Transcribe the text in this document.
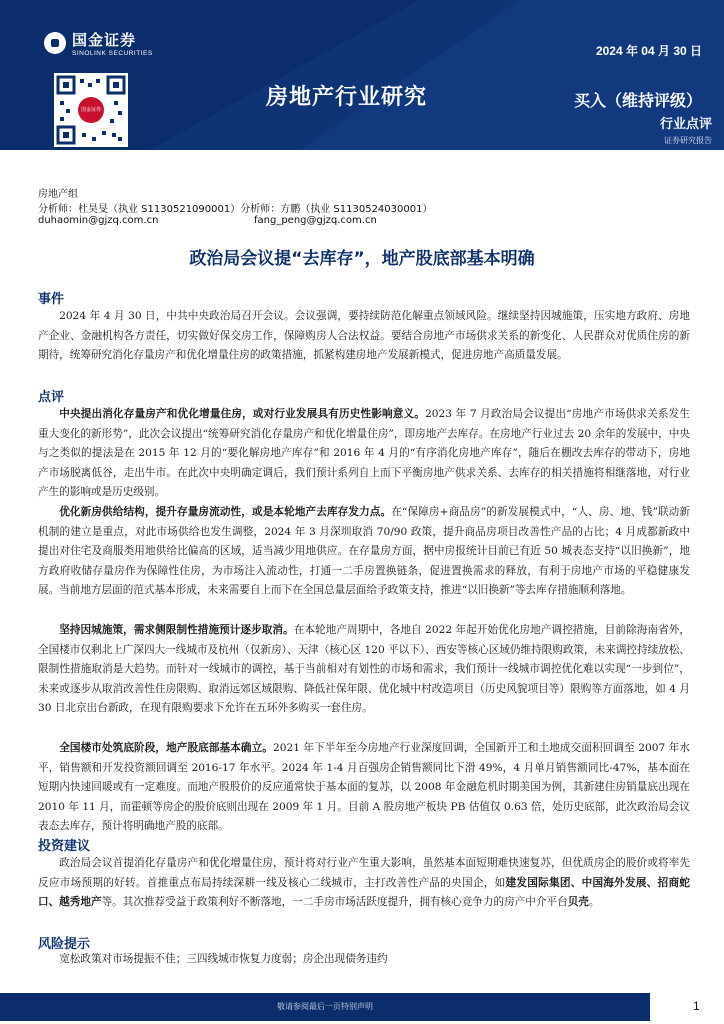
国金证券
SINOLINK SECURITIES	2024 年 04 月 30 日
国金证券	房地产行业研究	买入（维持评级）
行业点评
证券研究报告
房地产组
分析师：杜昊旻（执业 S1130521090001）分析师：方鹏（执业 S1130524030001）
duhaomin@gjzq.com.cn	fang_peng@gjzq.com.cn
政治局会议提“去库存”，地产股底部基本明确
事件
2024 年 4 月 30 日，中共中央政治局召开会议。会议强调，要持续防范化解重点领域风险。继续坚持因城施策，压实地方政府、房地产企业、金融机构各方责任，切实做好保交房工作，保障购房人合法权益。要结合房地产市场供求关系的新变化、人民群众对优质住房的新期待，统筹研究消化存量房产和优化增量住房的政策措施，抓紧构建房地产发展新模式，促进房地产高质量发展。
点评
中央提出消化存量房产和优化增量住房，或对行业发展具有历史性影响意义。2023 年 7 月政治局会议提出“房地产市场供求关系发生重大变化的新形势”，此次会议提出“统筹研究消化存量房产和优化增量住房”，即房地产去库存。在房地产行业过去 20 余年的发展中，中央与之类似的提法是在 2015 年 12 月的“要化解房地产库存”和 2016 年 4 月的“有序消化房地产库存”，随后在棚改去库存的带动下，房地产市场脱离低谷，走出牛市。在此次中央明确定调后，我们预计系列自上而下平衡房地产供求关系、去库存的相关措施将相继落地，对行业产生的影响或是历史级别。
优化新房供给结构，提升存量房流动性，或是本轮地产去库存发力点。在“保障房+商品房”的新发展模式中，“人、房、地、钱”联动新机制的建立是重点，对此市场供给也发生调整，2024 年 3 月深圳取消 70/90 政策，提升商品房项目改善性产品的占比；4 月成都新政中提出对住宅及商服类用地供给比偏高的区域，适当减少用地供应。在存量房方面，据中房报统计目前已有近 50 城表态支持“以旧换新”，地方政府收储存量房作为保障性住房，为市场注入流动性，打通一二手房置换链条，促进置换需求的释放，有利于房地产市场的平稳健康发展。当前地方层面的范式基本形成，未来需要自上而下在全国总量层面给予政策支持，推进“以旧换新”等去库存措施顺利落地。
坚持因城施策，需求侧限制性措施预计逐步取消。在本轮地产周期中，各地自 2022 年起开始优化房地产调控措施，目前除海南省外，全国楼市仅剩北上广深四大一线城市及杭州（仅新房）、天津（核心区 120 平以下）、西安等核心区域仍维持限购政策，未来调控持续放松、限制性措施取消是大趋势。而针对一线城市的调控，基于当前相对有划性的市场和需求，我们预计一线城市调控优化难以实现“一步到位”，未来或逐步从取消改善性住房限购、取消远郊区域限购、降低社保年限、优化城中村改造项目（历史风貌项目等）限购等方面落地，如 4 月 30 日北京出台新政，在现有限购要求下允许在五环外多购买一套住房。
全国楼市处筑底阶段，地产股底部基本确立。2021 年下半年至今房地产行业深度回调，全国新开工和土地成交面积回调至 2007 年水平，销售额和开发投资额回调至 2016-17 年水平。2024 年 1-4 月百强房企销售额同比下滑 49%，4 月单月销售额同比-47%，基本面在短期内快速回暖或有一定难度。而地产股股价的反应通常快于基本面的复苏，以 2008 年金融危机时期美国为例，其新建住房销量底出现在 2010 年 11 月，而霍顿等房企的股价底则出现在 2009 年 1 月。目前 A 股房地产板块 PB 估值仅 0.63 倍，处历史底部，此次政治局会议表态去库存，预计将明确地产股的底部。
投资建议
政治局会议首提消化存量房产和优化增量住房，预计将对行业产生重大影响，虽然基本面短期难快速复苏，但优质房企的股价或将率先反应市场预期的好转。首推重点布局持续深耕一线及核心二线城市，主打改善性产品的央国企，如建发国际集团、中国海外发展、招商蛇口、越秀地产等。其次推荐受益于政策利好不断落地，一二手房市场活跃度提升，拥有核心竞争力的房产中介平台贝壳。
风险提示
宽松政策对市场提振不佳；三四线城市恢复力度弱；房企出现债务违约
敬请参阅最后一页特别声明	1
